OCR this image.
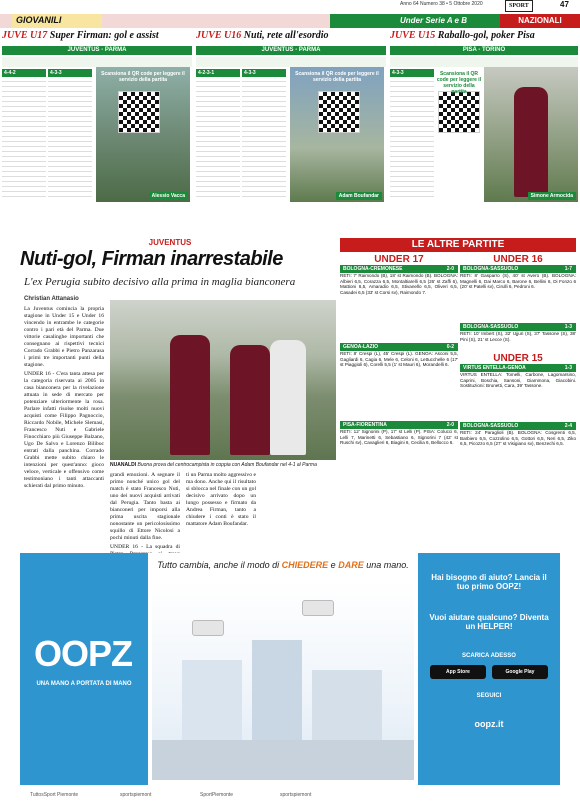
Anno 64 Numero 38 • 5 Ottobre 2020	SPORT	47
GIOVANILI	Under Serie A e B	NAZIONALI
JUVE U17 Super Firman: gol e assist
JUVENTUS - PARMA
4-4-2	4-3-3	Scansiona il QR code per leggere il servizio della partita
Alessio Vacca
JUVE U16 Nuti, rete all'esordio
JUVENTUS - PARMA
4-2-3-1	4-3-3	Scansiona il QR code per leggere il servizio della partita
Adam Boufandar
JUVE U15 Raballo-gol, poker Pisa
PISA - TORINO
4-3-3	Scansiona il QR code per leggere il servizio della partita
Simone Armocida
JUVENTUS
Nuti-gol, Firman inarrestabile
L'ex Perugia subito decisivo alla prima in maglia bianconera
Christian Attanasio

La Juventus comincia la propria stagione in Under 15 e Under 16 vincendo in entrambe le categorie contro i pari età del Parma. Due vittorie casalinghe importanti che consegnano ai rispettivi tecnici Corrado Grabbi e Pietro Panzarasa i primi tre importanti punti della stagione.

UNDER 16 - C'era tanta attesa per la categoria riservata ai 2005 in casa bianconera per la rivelazione attuata in sede di mercato per potenziare ulteriormente la rosa. Parlare infatti risolse molti nuovi acquisti come Filippo Pagnoccio, Riccardo Nobile, Michele Slemasi, Francesco Nuti e Gabriele Finocchiaro più Giuseppe Balzano, Ugo De Salvo e Lorenzo Biliboc entrati dalla panchina. Corrado Grabbi mette subito chiaro le intenzioni per quest'anno: gioco veloce, verticale e offensivo come testimoniano i tanti attaccanti schierati dal primo minuto.

NUANALDI Buona prova del centrocampista in coppia con Adam Boufandar nel 4-1 al Parma

grandi emozioni. A segnare il primo nonché unico gol del match è stato Francesco Nuti, uno dei nuovi acquisti arrivati dal Perugia. Tanto basta ai bianconeri per imporsi alla prima uscita stagionale nonostante un pericolosissimo squillo di Ettore Nicolosi a pochi minuti dalla fine.

UNDER 16 - La squadra di

ti un Parma molto aggressivo e ma dono. Anche qui il risultato si sblocca nel finale con un gol decisivo arrivato dopo un lungo possesso e firmato da Andrea Firman, tanto a chiudere i conti è stato il mattatore Adam Boufandar.

LE ALTRE PARTITE
UNDER 17
BOLOGNA-CREMONESE	2-0
RETI: 7' Raimondo (B), 18' st Raimondo (B). BOLOGNA: Albieri 6,5, Corazza 6,5, Montaltiarelli 6,5 (26' st Zaffi 6), Mattioni 6,5, Amaradio 6,5, Stivanello 6,5, Oliveri 6,5, Casadei 6,5 (33' st Corsi sv), Raimondo 7.
GENOA-LAZIO	0-2
RETI: 8' Crespi (L), 45' Crespi (L). GENOA: Asconi 5,5, Gagliardi 6, Cagia 6, Mele 6, Celoni 6, Lettucchelle 6 (17' st Piaggioli 6), Corelli 5,5 (1' st Mauri 6), Morandelli 6.
PISA-FIORENTINA	2-0
RETI: 12' Signorini (P), 17' st Lelli (P). PISA: Colucci 6, Lelli 7, Marinetti 6, Sebastiano 6, Signorini 7 (42' st Ruschi sv), Cavaglieri 6, Biagini 6, Cecilia 6, Bellocco 6.
UNDER 16
BOLOGNA-SASSUOLO	1-7
RETI: 8' Gasparro (S), 40' st Avero (B). BOLOGNA: Magnelli 6, Dai Marco 6, Barone 6, Bellini 6, Di Fonzo 6 (20' st Patelli sv), Cirulli 6, Pedroni 6.
BOLOGNA-SASSUOLO	1-3
RETI: 10' Imbert (S), 32' Ujjuri (S), 37' Tassone (S), 38' Pini (S), 21' st Lecce (S).
UNDER 15
VIRTUS ENTELLA-GENOA	1-3
VIRTUS ENTELLA: Tomelli, Carbone, Lagomarsino, Caprini, Boschia, Sansoni, Giammona, Giacobini. Sostituzioni: Brunetti, Cara, 39' Tassone.
BOLOGNA-SASSUOLO	2-4
RETI: 24' Paraglioli (B). BOLOGNA: Cosgrenti 6,5, Barbiero 6,5, Cozzolino 6,5, Gottori 6,5, Neri 6,5, Ziko 6,5, Picozzo 6,5 (27' st Visigiano sv), Benzechi 6,5.
OOPZ
UNA MANO A PORTATA DI MANO
Tutto cambia, anche il modo di CHIEDERE e DARE una mano.
Hai bisogno di aiuto? Lancia il tuo primo OOPZ!
Vuoi aiutare qualcuno? Diventa un HELPER!
SCARICA ADESSO
App Store	Google Play
SEGUICI
oopz.it
TuttosSport Piemonte	sportspiemont	SportPiemonte	sportspiemont
